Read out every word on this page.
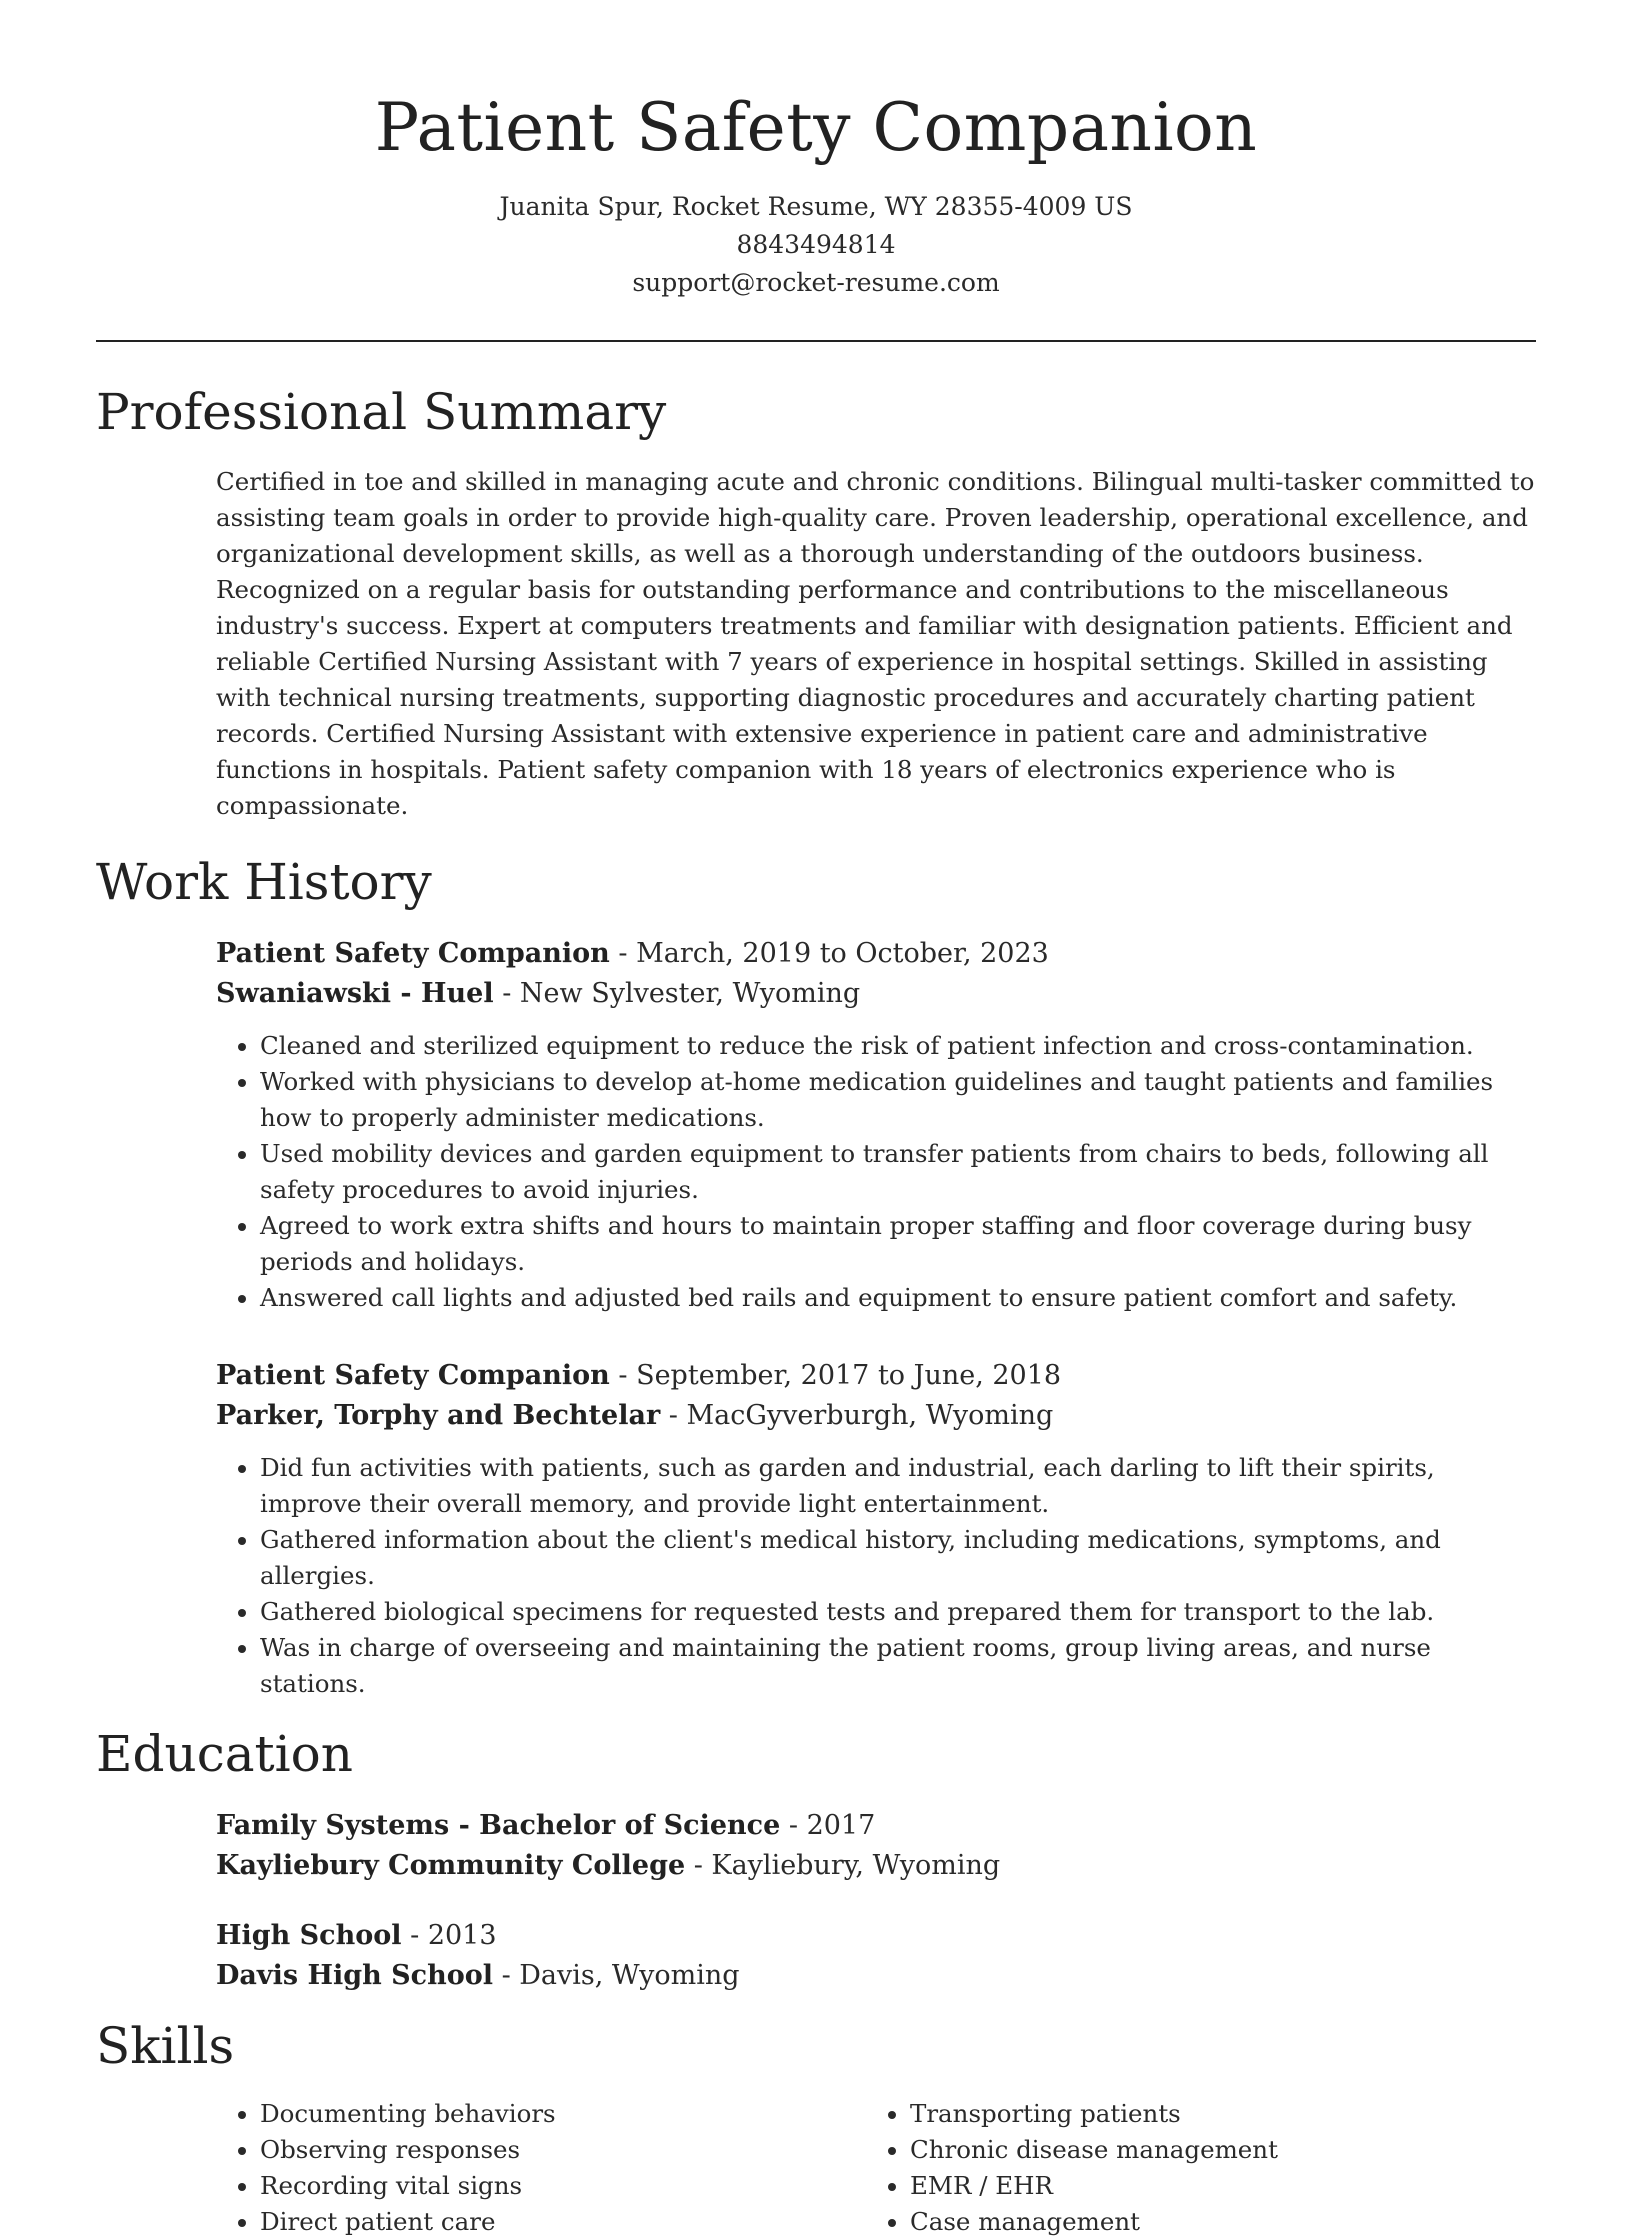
Patient Safety Companion
Juanita Spur, Rocket Resume, WY 28355-4009 US
8843494814
support@rocket-resume.com
Professional Summary

Certified in toe and skilled in managing acute and chronic conditions. Bilingual multi-tasker committed to assisting team goals in order to provide high-quality care. Proven leadership, operational excellence, and organizational development skills, as well as a thorough understanding of the outdoors business. Recognized on a regular basis for outstanding performance and contributions to the miscellaneous industry's success. Expert at computers treatments and familiar with designation patients. Efficient and reliable Certified Nursing Assistant with 7 years of experience in hospital settings. Skilled in assisting with technical nursing treatments, supporting diagnostic procedures and accurately charting patient records. Certified Nursing Assistant with extensive experience in patient care and administrative functions in hospitals. Patient safety companion with 18 years of electronics experience who is compassionate.

Work History
Patient Safety Companion - March, 2019 to October, 2023
Swaniawski - Huel - New Sylvester, Wyoming
• Cleaned and sterilized equipment to reduce the risk of patient infection and cross-contamination.
• Worked with physicians to develop at-home medication guidelines and taught patients and families how to properly administer medications.
• Used mobility devices and garden equipment to transfer patients from chairs to beds, following all safety procedures to avoid injuries.
• Agreed to work extra shifts and hours to maintain proper staffing and floor coverage during busy periods and holidays.
• Answered call lights and adjusted bed rails and equipment to ensure patient comfort and safety.
Patient Safety Companion - September, 2017 to June, 2018
Parker, Torphy and Bechtelar - MacGyverburgh, Wyoming
• Did fun activities with patients, such as garden and industrial, each darling to lift their spirits, improve their overall memory, and provide light entertainment.
• Gathered information about the client's medical history, including medications, symptoms, and allergies.
• Gathered biological specimens for requested tests and prepared them for transport to the lab.
• Was in charge of overseeing and maintaining the patient rooms, group living areas, and nurse stations.
Education
Family Systems - Bachelor of Science - 2017
Kayliebury Community College - Kayliebury, Wyoming
High School - 2013
Davis High School - Davis, Wyoming
Skills
• Documenting behaviors
• Observing responses
• Recording vital signs
• Direct patient care
• Transporting patients
• Chronic disease management
• EMR / EHR
• Case management
